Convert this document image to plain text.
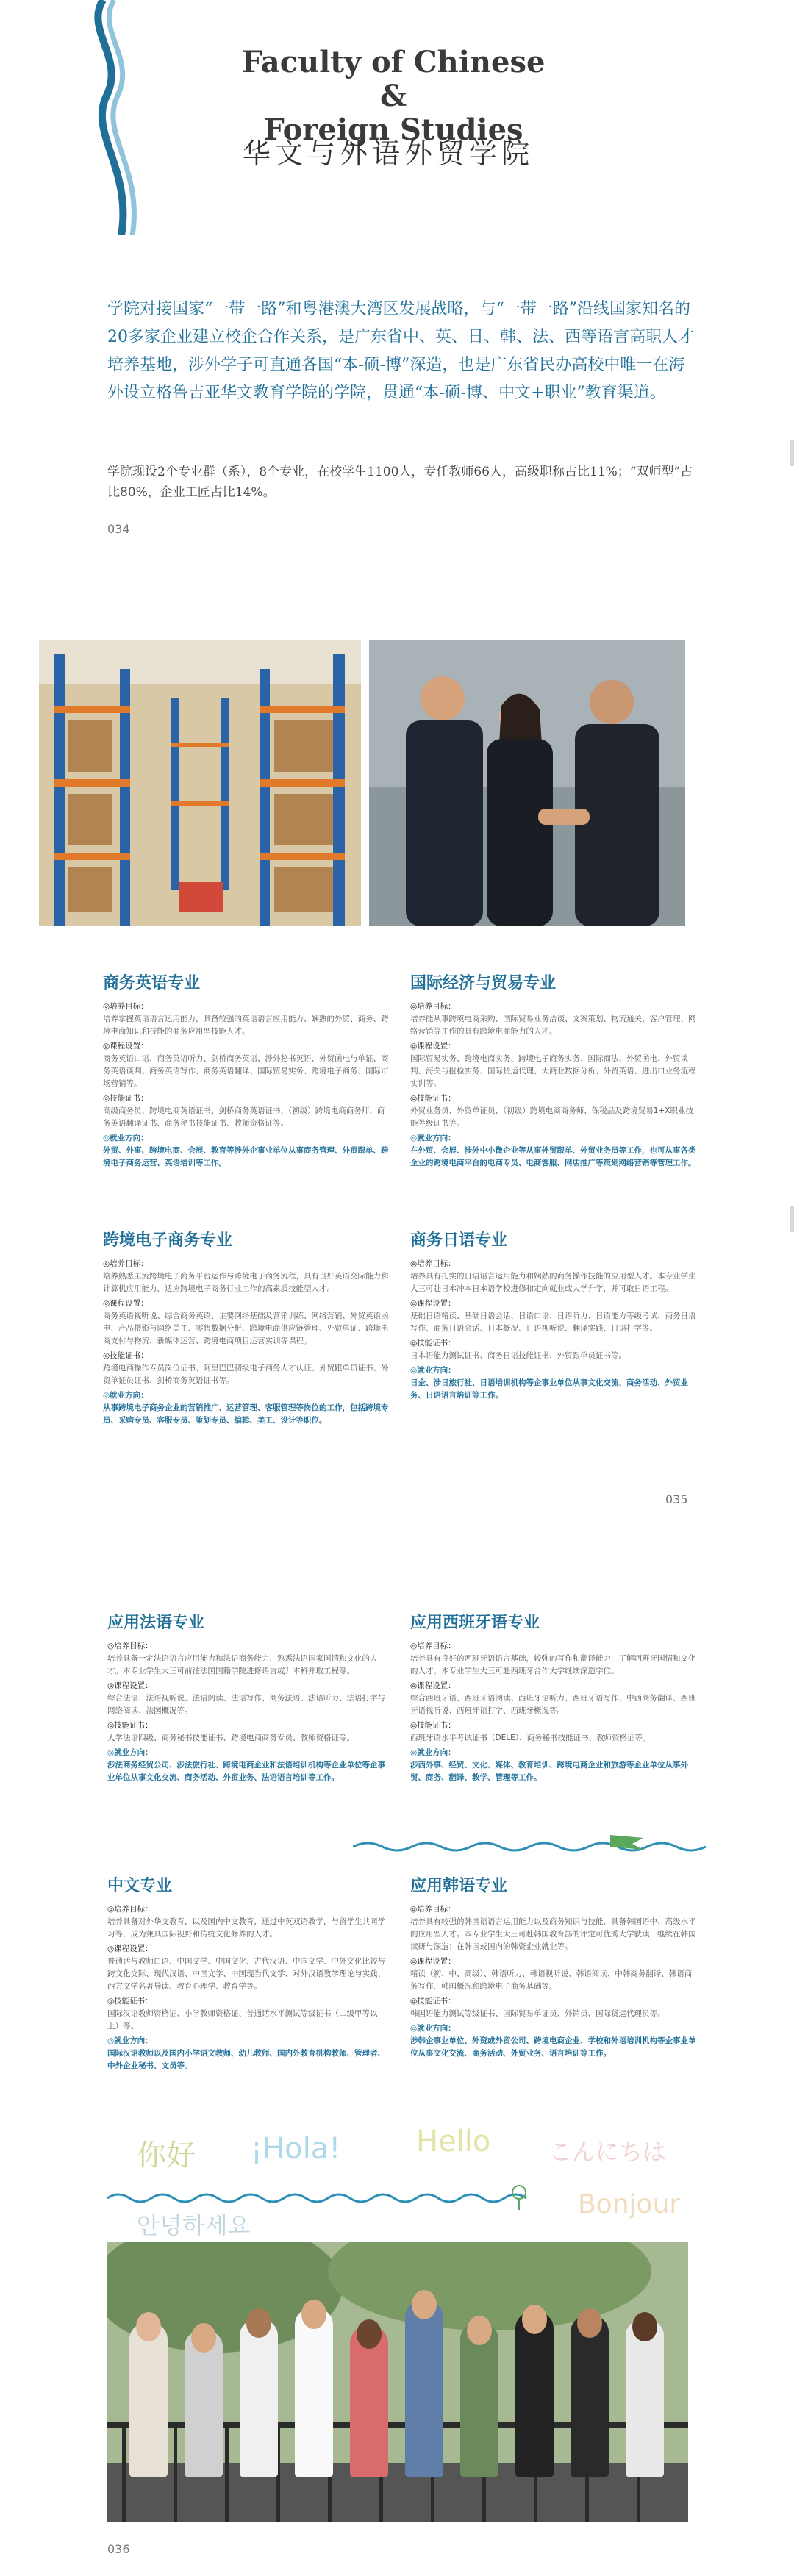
Faculty of Chinese &
Foreign Studies
华文与外语外贸学院
学院对接国家“一带一路”和粤港澳大湾区发展战略，与“一带一路”沿线国家知名的20多家企业建立校企合作关系，是广东省中、英、日、韩、法、西等语言高职人才培养基地，涉外学子可直通各国“本-硕-博”深造，也是广东省民办高校中唯一在海外设立格鲁吉亚华文教育学院的学院，贯通“本-硕-博、中文+职业”教育渠道。
学院现设2个专业群（系），8个专业，在校学生1100人，专任教师66人，高级职称占比11%；“双师型”占比80%，企业工匠占比14%。
034
商务英语专业
◎培养目标：
培养掌握英语语言运用能力，具备较强的英语语言应用能力、娴熟的外贸、商务、跨境电商知识和技能的商务应用型技能人才。
◎课程设置：
商务英语口语、商务英语听力、剑桥商务英语、涉外秘书英语、外贸函电与单证、商务英语谈判、商务英语写作、商务英语翻译、国际贸易实务、跨境电子商务、国际市场营销等。
◎技能证书：
高级商务员、跨境电商英语证书、剑桥商务英语证书、（初级）跨境电商商务师、商务英语翻译证书、商务秘书技能证书、教师资格证等。
◎就业方向：
外贸、外事、跨境电商、会展、教育等涉外企事业单位从事商务管理、外贸跟单、跨境电子商务运营、英语培训等工作。
国际经济与贸易专业
◎培养目标：
培养能从事跨境电商采购、国际贸易业务洽谈、文案策划、物流通关、客户管理、网络营销等工作的具有跨境电商能力的人才。
◎课程设置：
国际贸易实务、跨境电商实务、跨境电子商务实务、国际商法、外贸函电、外贸谈判、海关与报检实务、国际货运代理、大商业数据分析、外贸英语、进出口业务流程实训等。
◎技能证书：
外贸业务员、外贸单证员、（初级）跨境电商商务师、保税品及跨境贸易1+X职业技能等级证书等。
◎就业方向：
在外贸、会展、涉外中小微企业等从事外贸跟单、外贸业务员等工作，也可从事各类企业的跨境电商平台的电商专员、电商客服、网店推广等策划网络营销等管理工作。
跨境电子商务专业
◎培养目标：
培养熟悉主流跨境电子商务平台运作与跨境电子商务流程，具有良好英语交际能力和计算机应用能力，适应跨境电子商务行业工作的高素质技能型人才。
◎课程设置：
商务英语视听说、综合商务英语、主要网络基础及营销训练、网络营销、外贸英语函电、产品摄影与网络美工、零售数据分析、跨境电商供应链管理、外贸单证、跨境电商支付与物流、新媒体运营、跨境电商项目运营实训等课程。
◎技能证书：
跨境电商操作专员岗位证书、阿里巴巴初级电子商务人才认证、外贸跟单员证书、外贸单证员证书、剑桥商务英语证书等。
◎就业方向：
从事跨境电子商务企业的营销推广、运营管理、客服管理等岗位的工作，包括跨境专员、采购专员、客服专员、策划专员、编辑、美工、设计等职位。
商务日语专业
◎培养目标：
培养具有扎实的日语语言运用能力和娴熟的商务操作技能的应用型人才。本专业学生大三可赴日本冲本日本语学校进修和定向就业或大学升学，并可取日语工程。
◎课程设置：
基础日语精读、基础日语会话、日语口语、日语听力、日语能力等级考试、商务日语写作、商务日语会话、日本概况、日语视听说、翻译实践、日语打字等。
◎技能证书：
日本语能力测试证书、商务日语技能证书、外贸跟单员证书等。
◎就业方向：
日企、涉日旅行社、日语培训机构等企事业单位从事文化交流、商务活动、外贸业务、日语语言培训等工作。
035
应用法语专业
◎培养目标：
培养具备一定法语语言应用能力和法语商务能力，熟悉法语国家国情和文化的人才。本专业学生大三可前往法国国籍学院进修语言或升本科并取工程等。
◎课程设置：
综合法语、法语视听说、法语阅读、法语写作、商务法语、法语听力、法语打字与网络阅读、法国概况等。
◎技能证书：
大学法语四级、商务秘书技能证书、跨境电商商务专员、教师资格证等。
◎就业方向：
涉法商务经贸公司、涉法旅行社、跨境电商企业和法语培训机构等企业单位等企事业单位从事文化交流、商务活动、外贸业务、法语语言培训等工作。
应用西班牙语专业
◎培养目标：
培养具有良好的西班牙语语言基础，较强的写作和翻译能力，了解西班牙国情和文化的人才。本专业学生大三可赴西班牙合作大学继续深造学位。
◎课程设置：
综合西班牙语、西班牙语阅读、西班牙语听力、西班牙语写作、中西商务翻译、西班牙语视听说、西班牙语打字、西班牙概况等。
◎技能证书：
西班牙语水平考试证书（DELE）、商务秘书技能证书、教师资格证等。
◎就业方向：
涉西外事、经贸、文化、媒体、教育培训、跨境电商企业和旅游等企业单位从事外贸、商务、翻译、教学、管理等工作。
中文专业
◎培养目标：
培养具备对外华文教育，以及国内中文教育，通过中英双语教学，与留学生共同学习等，成为兼具国际视野和传统文化修养的人才。
◎课程设置：
普通话与教师口语、中国文学、中国文化、古代汉语、中国文学、中外文化比较与跨文化交际、现代汉语、中国文学、中国现当代文学、对外汉语教学理论与实践、西方文学名著导读、教育心理学、教育学等。
◎技能证书：
国际汉语教师资格证、小学教师资格证、普通话水平测试等级证书（二级甲等以上）等。
◎就业方向：
国际汉语教师以及国内小学语文教师、幼儿教师、国内外教育机构教师、管理者、中外企业秘书、文员等。
应用韩语专业
◎培养目标：
培养具有较强的韩国语语言运用能力以及商务知识与技能，具备韩国语中、高级水平的应用型人才。本专业学生大三可赴韩国教育部的评定可优秀大学就读，继续在韩国读研与深造；在韩国或国内的韩资企业就业等。
◎课程设置：
精读（初、中、高级）、韩语听力、韩语视听说、韩语阅读、中韩商务翻译、韩语商务写作、韩国概况和跨境电子商务基础等。
◎技能证书：
韩国语能力测试等级证书、国际贸易单证员、外销员、国际货运代理员等。
◎就业方向：
涉韩企事业单位、外资或外贸公司、跨境电商企业、学校和外语培训机构等企事业单位从事文化交流、商务活动、外贸业务、语言培训等工作。
你好 ¡Hola!	Hello こんにちは
안녕하세요
Bonjour
036
